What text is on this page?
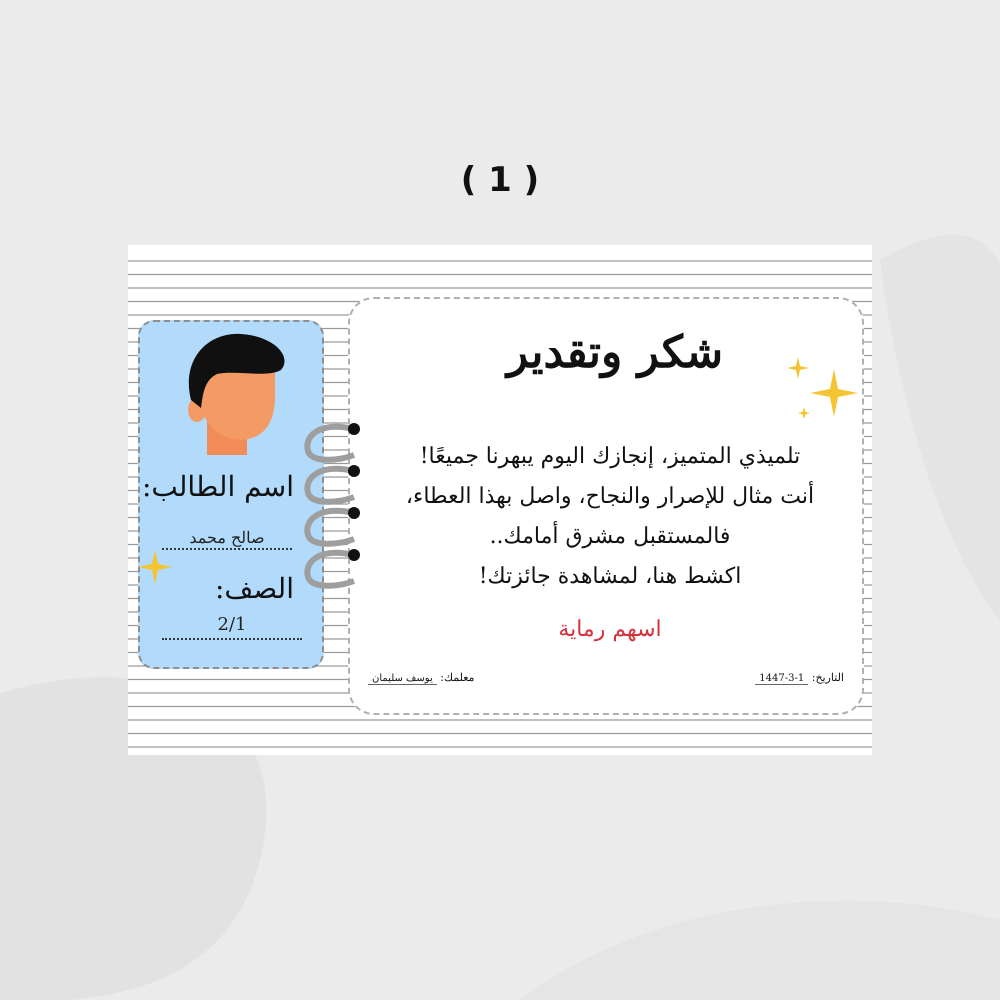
( 1 )
اسم الطالب:
صالح محمد
الصف:
2/1
شكر وتقدير
تلميذي المتميز، إنجازك اليوم يبهرنا جميعًا!
أنت مثال للإصرار والنجاح، واصل بهذا العطاء،
فالمستقبل مشرق أمامك..
اكشط هنا، لمشاهدة جائزتك!
اسهم رماية
معلمك: يوسف سليمان	التاريخ: 1447-3-1
